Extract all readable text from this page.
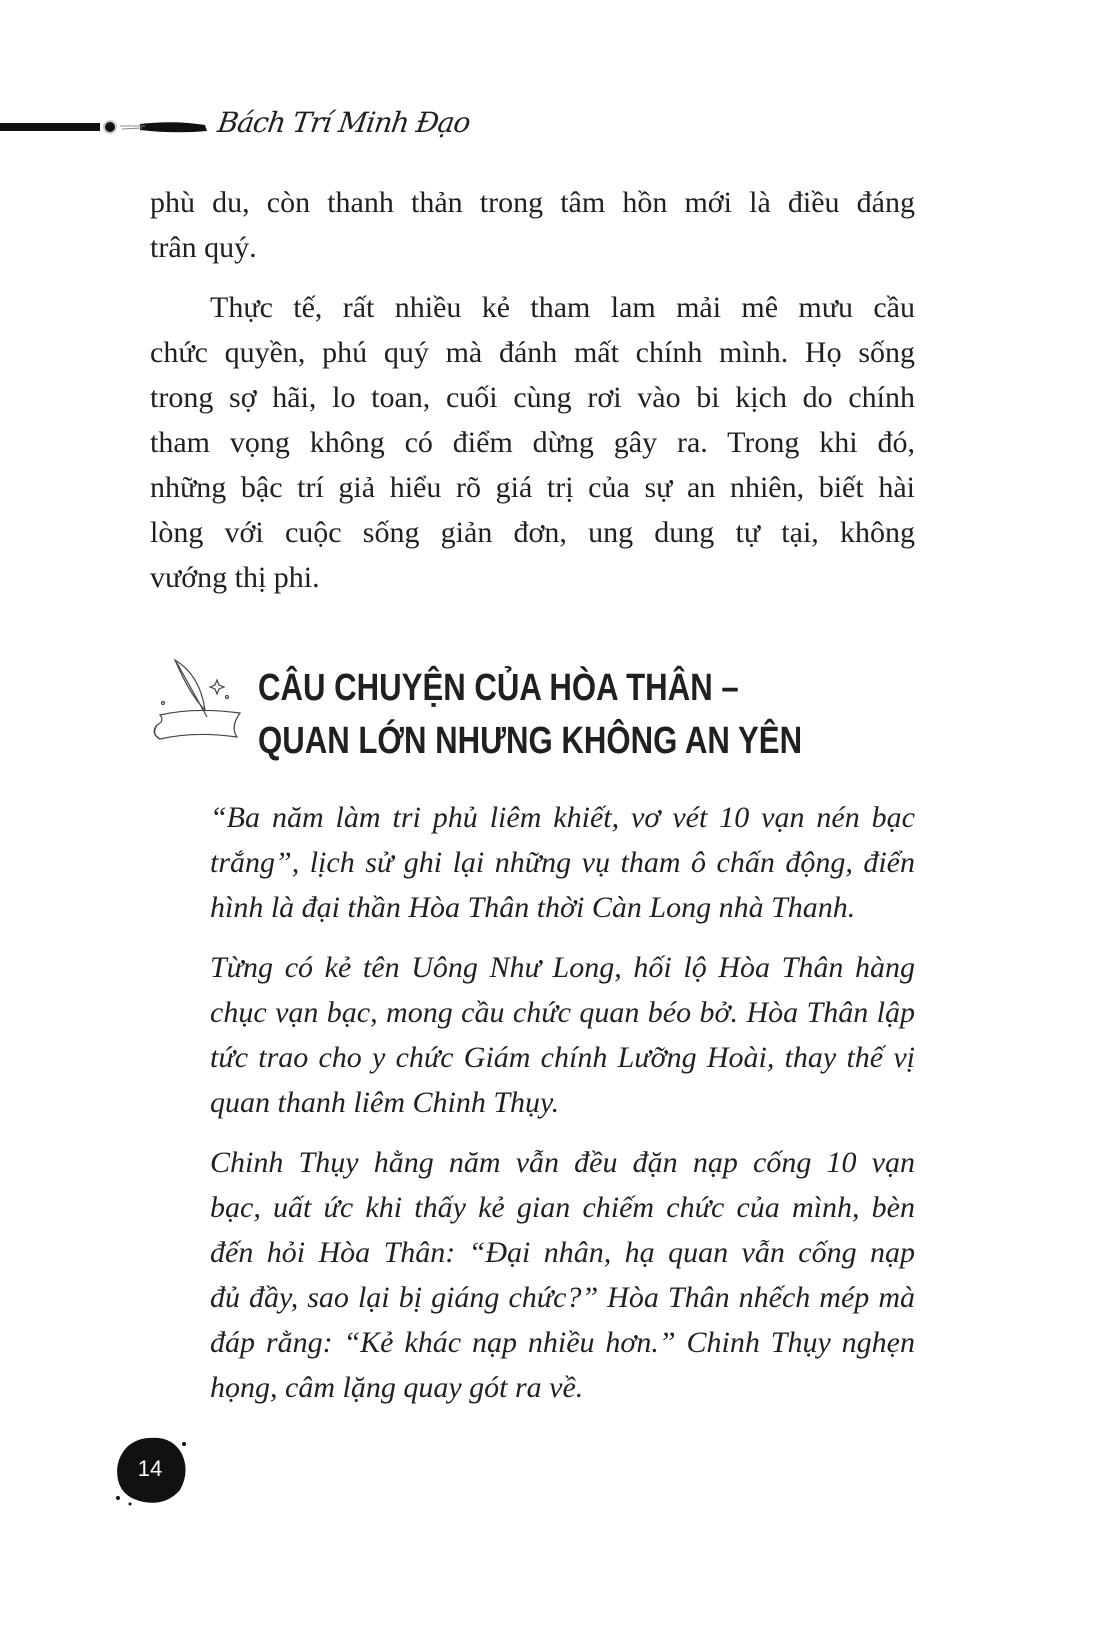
Bách Trí Minh Đạo
phù du, còn thanh thản trong tâm hồn mới là điều đáng
trân quý.
Thực tế, rất nhiều kẻ tham lam mải mê mưu cầu
chức quyền, phú quý mà đánh mất chính mình. Họ sống
trong sợ hãi, lo toan, cuối cùng rơi vào bi kịch do chính
tham vọng không có điểm dừng gây ra. Trong khi đó,
những bậc trí giả hiểu rõ giá trị của sự an nhiên, biết hài
lòng với cuộc sống giản đơn, ung dung tự tại, không
vướng thị phi.
CÂU CHUYỆN CỦA HÒA THÂN –
QUAN LỚN NHƯNG KHÔNG AN YÊN
“Ba năm làm tri phủ liêm khiết, vơ vét 10 vạn nén bạc
trắng”, lịch sử ghi lại những vụ tham ô chấn động, điển
hình là đại thần Hòa Thân thời Càn Long nhà Thanh.
Từng có kẻ tên Uông Như Long, hối lộ Hòa Thân hàng
chục vạn bạc, mong cầu chức quan béo bở. Hòa Thân lập
tức trao cho y chức Giám chính Lưỡng Hoài, thay thế vị
quan thanh liêm Chinh Thụy.
Chinh Thụy hằng năm vẫn đều đặn nạp cống 10 vạn
bạc, uất ức khi thấy kẻ gian chiếm chức của mình, bèn
đến hỏi Hòa Thân: “Đại nhân, hạ quan vẫn cống nạp
đủ đầy, sao lại bị giáng chức?” Hòa Thân nhếch mép mà
đáp rằng: “Kẻ khác nạp nhiều hơn.” Chinh Thụy nghẹn
họng, câm lặng quay gót ra về.
14
